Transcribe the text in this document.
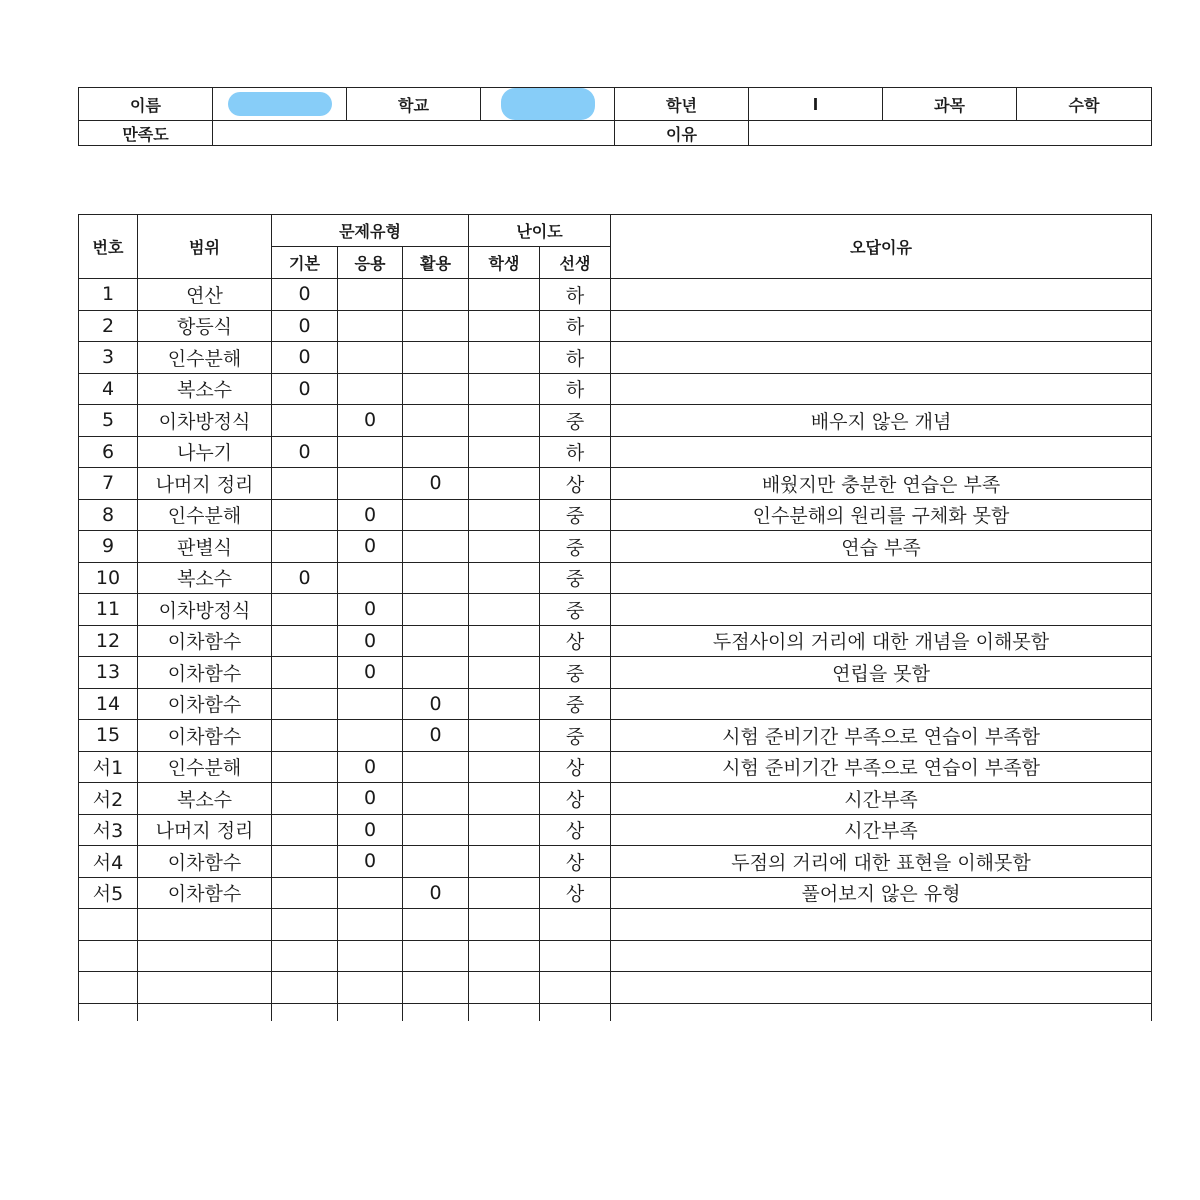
이름		학교		학년	l	과목	수학
만족도				이유			
번호	범위	문제유형			난이도		오답이유
		기본	응용	활용	학생	선생	
1	연산	0				하	
2	항등식	0				하	
3	인수분해	0				하	
4	복소수	0				하	
5	이차방정식		0			중	배우지 않은 개념
6	나누기	0				하	
7	나머지 정리			0		상	배웠지만 충분한 연습은 부족
8	인수분해		0			중	인수분해의 원리를 구체화 못함
9	판별식		0			중	연습 부족
10	복소수	0				중	
11	이차방정식		0			중	
12	이차함수		0			상	두점사이의 거리에 대한 개념을 이해못함
13	이차함수		0			중	연립을 못함
14	이차함수			0		중	
15	이차함수			0		중	시험 준비기간 부족으로 연습이 부족함
서1	인수분해		0			상	시험 준비기간 부족으로 연습이 부족함
서2	복소수		0			상	시간부족
서3	나머지 정리		0			상	시간부족
서4	이차함수		0			상	두점의 거리에 대한 표현을 이해못함
서5	이차함수			0		상	풀어보지 않은 유형
